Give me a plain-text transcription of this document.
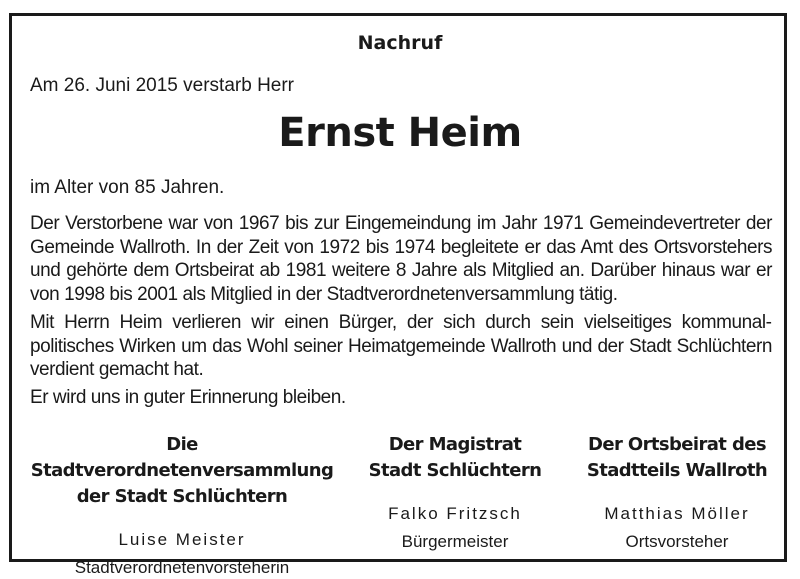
Nachruf
Am 26. Juni 2015 verstarb Herr
Ernst Heim
im Alter von 85 Jahren.
Der Verstorbene war von 1967 bis zur Eingemeindung im Jahr 1971 Gemeindevertreter der Gemeinde Wallroth. In der Zeit von 1972 bis 1974 begleitete er das Amt des Ortsvorstehers und gehörte dem Ortsbeirat ab 1981 weitere 8 Jahre als Mitglied an. Darüber hinaus war er von 1998 bis 2001 als Mitglied in der Stadtverordnetenversammlung tätig.
Mit Herrn Heim verlieren wir einen Bürger, der sich durch sein vielseitiges kommunalpolitisches Wirken um das Wohl seiner Heimatgemeinde Wallroth und der Stadt Schlüchtern verdient gemacht hat.
Er wird uns in guter Erinnerung bleiben.
Die Stadtverordnetenversammlung
der Stadt Schlüchtern
Luise Meister
Stadtverordnetenvorsteherin
Der Magistrat
Stadt Schlüchtern
Falko Fritzsch
Bürgermeister
Der Ortsbeirat des
Stadtteils Wallroth
Matthias Möller
Ortsvorsteher
